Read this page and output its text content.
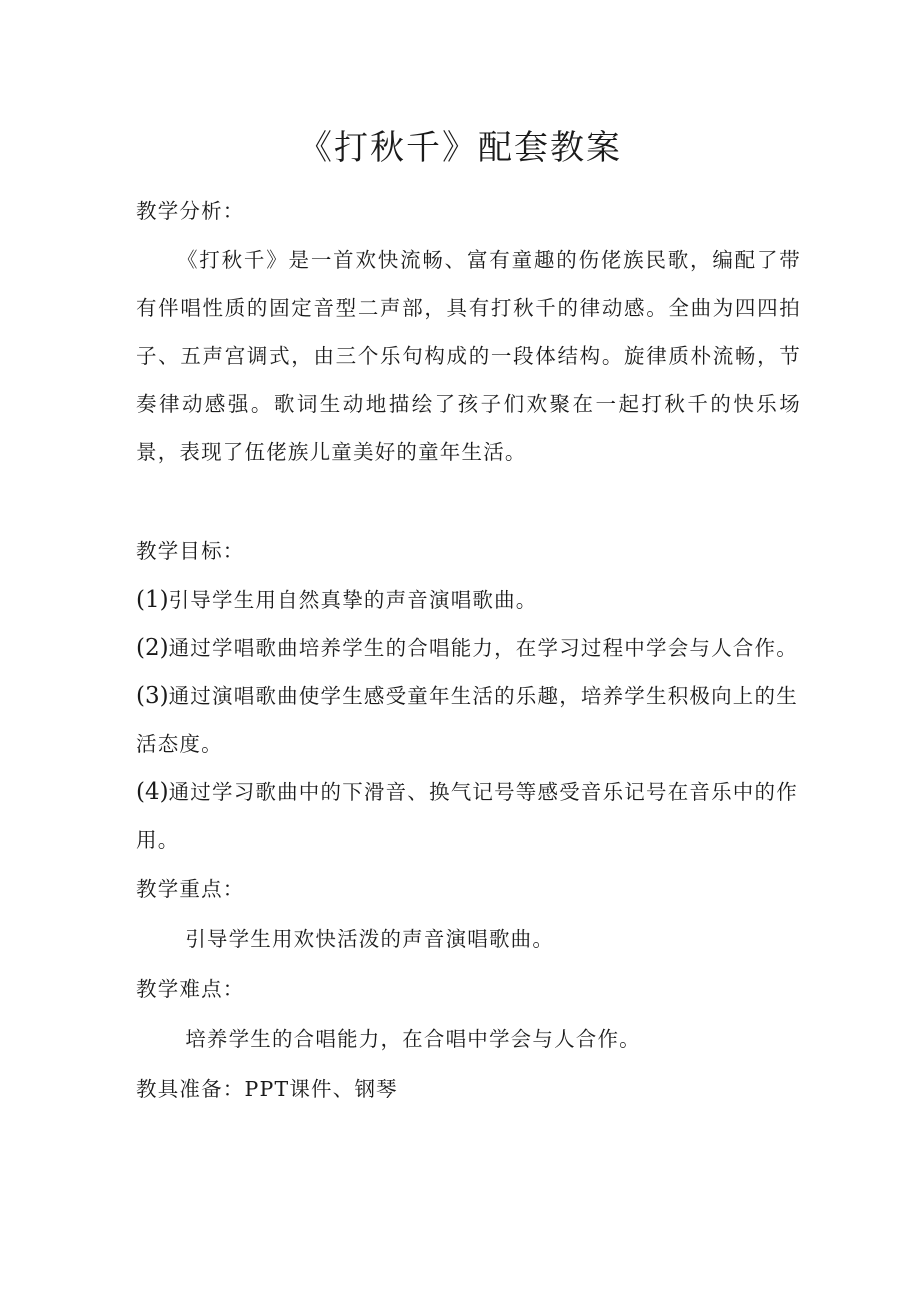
《打秋千》配套教案
教学分析：
《打秋千》是一首欢快流畅、富有童趣的伤佬族民歌，编配了带有伴唱性质的固定音型二声部，具有打秋千的律动感。全曲为四四拍子、五声宫调式，由三个乐句构成的一段体结构。旋律质朴流畅，节奏律动感强。歌词生动地描绘了孩子们欢聚在一起打秋千的快乐场景，表现了伍佬族儿童美好的童年生活。
教学目标：
(1)引导学生用自然真挚的声音演唱歌曲。
(2)通过学唱歌曲培养学生的合唱能力，在学习过程中学会与人合作。
(3)通过演唱歌曲使学生感受童年生活的乐趣，培养学生积极向上的生活态度。
(4)通过学习歌曲中的下滑音、换气记号等感受音乐记号在音乐中的作用。
教学重点：
引导学生用欢快活泼的声音演唱歌曲。
教学难点：
培养学生的合唱能力，在合唱中学会与人合作。
教具准备：PPT课件、钢琴
